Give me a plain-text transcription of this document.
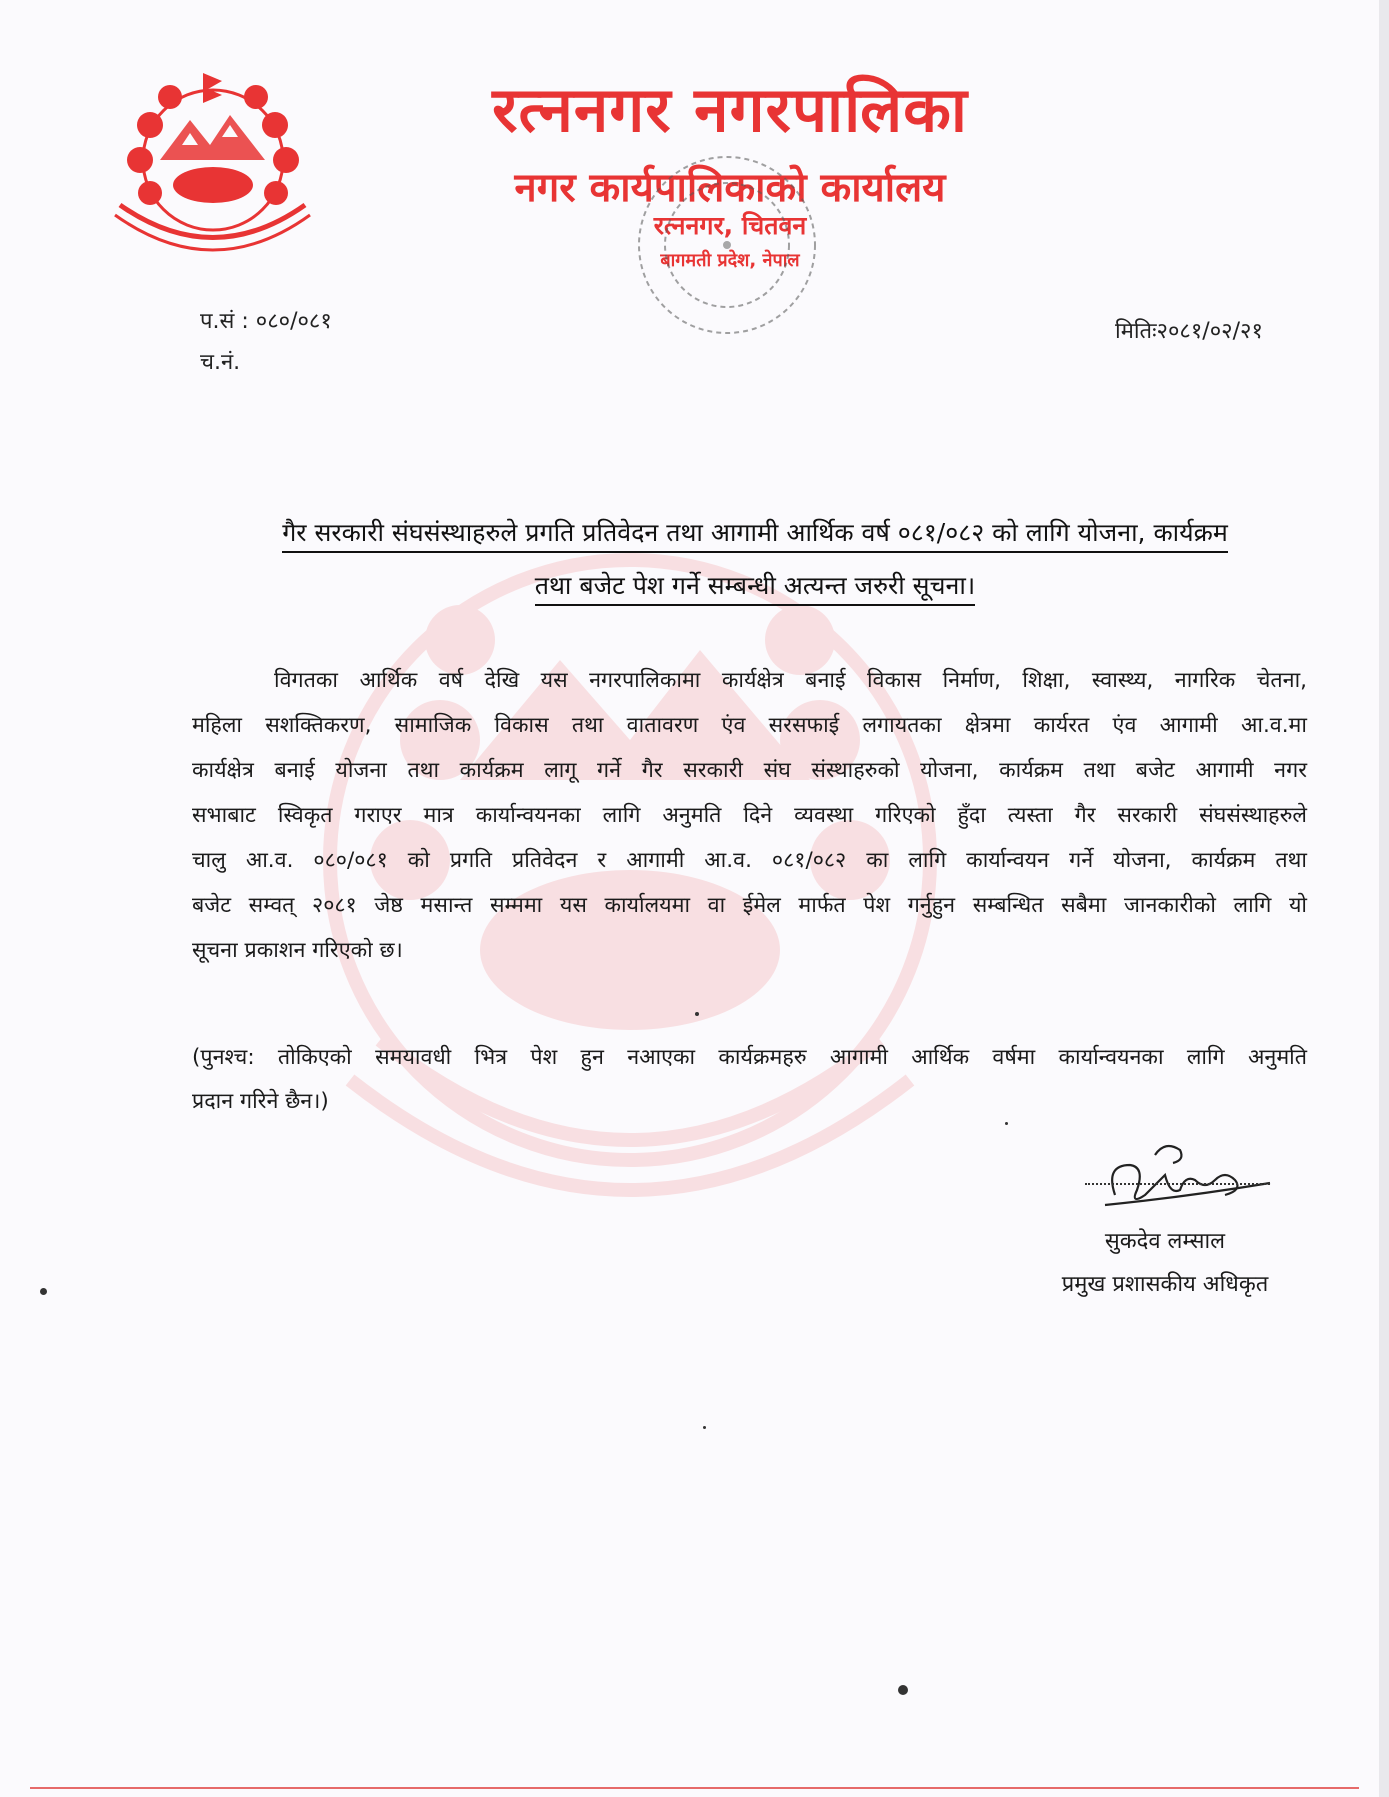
रत्ननगर नगरपालिका
नगर कार्यपालिकाको कार्यालय
रत्ननगर, चितवन
बागमती प्रदेश, नेपाल
प.सं : ०८०/०८१
च.नं.
मितिः२०८१/०२/२१
गैर सरकारी संघसंस्थाहरुले प्रगति प्रतिवेदन तथा आगामी आर्थिक वर्ष ०८१/०८२ को लागि योजना, कार्यक्रम
तथा बजेट पेश गर्ने सम्बन्धी अत्यन्त जरुरी सूचना।
विगतका आर्थिक वर्ष देखि यस नगरपालिकामा कार्यक्षेत्र बनाई विकास निर्माण, शिक्षा, स्वास्थ्य, नागरिक चेतना,
महिला सशक्तिकरण, सामाजिक विकास तथा वातावरण एंव सरसफाई लगायतका क्षेत्रमा कार्यरत एंव आगामी आ.व.मा
कार्यक्षेत्र बनाई योजना तथा कार्यक्रम लागू गर्ने गैर सरकारी संघ संस्थाहरुको योजना, कार्यक्रम तथा बजेट आगामी नगर
सभाबाट स्विकृत गराएर मात्र कार्यान्वयनका लागि अनुमति दिने व्यवस्था गरिएको हुँदा त्यस्ता गैर सरकारी संघसंस्थाहरुले
चालु आ.व. ०८०/०८१ को प्रगति प्रतिवेदन र आगामी आ.व. ०८१/०८२ का लागि कार्यान्वयन गर्ने योजना, कार्यक्रम तथा
बजेट सम्वत् २०८१ जेष्ठ मसान्त सम्ममा यस कार्यालयमा वा ईमेल मार्फत पेश गर्नुहुन सम्बन्धित सबैमा जानकारीको लागि यो
सूचना प्रकाशन गरिएको छ।
(पुनश्च: तोकिएको समयावधी भित्र पेश हुन नआएका कार्यक्रमहरु आगामी आर्थिक वर्षमा कार्यान्वयनका लागि अनुमति
प्रदान गरिने छैन।)
सुकदेव लम्साल
प्रमुख प्रशासकीय अधिकृत
